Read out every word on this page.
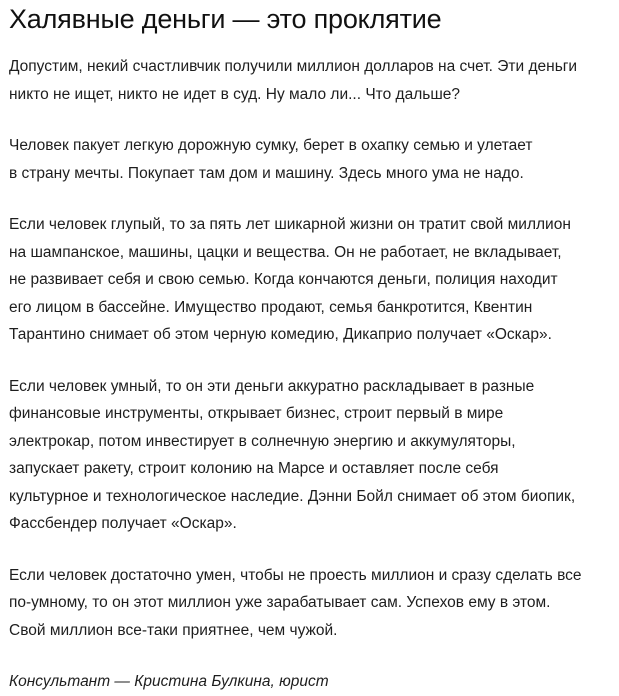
Халявные деньги — это проклятие

Допустим, некий счастливчик получили миллион долларов на счет. Эти деньги
никто не ищет, никто не идет в суд. Ну мало ли... Что дальше?

Человек пакует легкую дорожную сумку, берет в охапку семью и улетает
в страну мечты. Покупает там дом и машину. Здесь много ума не надо.

Если человек глупый, то за пять лет шикарной жизни он тратит свой миллион
на шампанское, машины, цацки и вещества. Он не работает, не вкладывает,
не развивает себя и свою семью. Когда кончаются деньги, полиция находит
его лицом в бассейне. Имущество продают, семья банкротится, Квентин
Тарантино снимает об этом черную комедию, Дикаприо получает «Оскар».

Если человек умный, то он эти деньги аккуратно раскладывает в разные
финансовые инструменты, открывает бизнес, строит первый в мире
электрокар, потом инвестирует в солнечную энергию и аккумуляторы,
запускает ракету, строит колонию на Марсе и оставляет после себя
культурное и технологическое наследие. Дэнни Бойл снимает об этом биопик,
Фассбендер получает «Оскар».

Если человек достаточно умен, чтобы не проесть миллион и сразу сделать все
по-умному, то он этот миллион уже зарабатывает сам. Успехов ему в этом.
Свой миллион все-таки приятнее, чем чужой.

Консультант — Кристина Булкина, юрист
